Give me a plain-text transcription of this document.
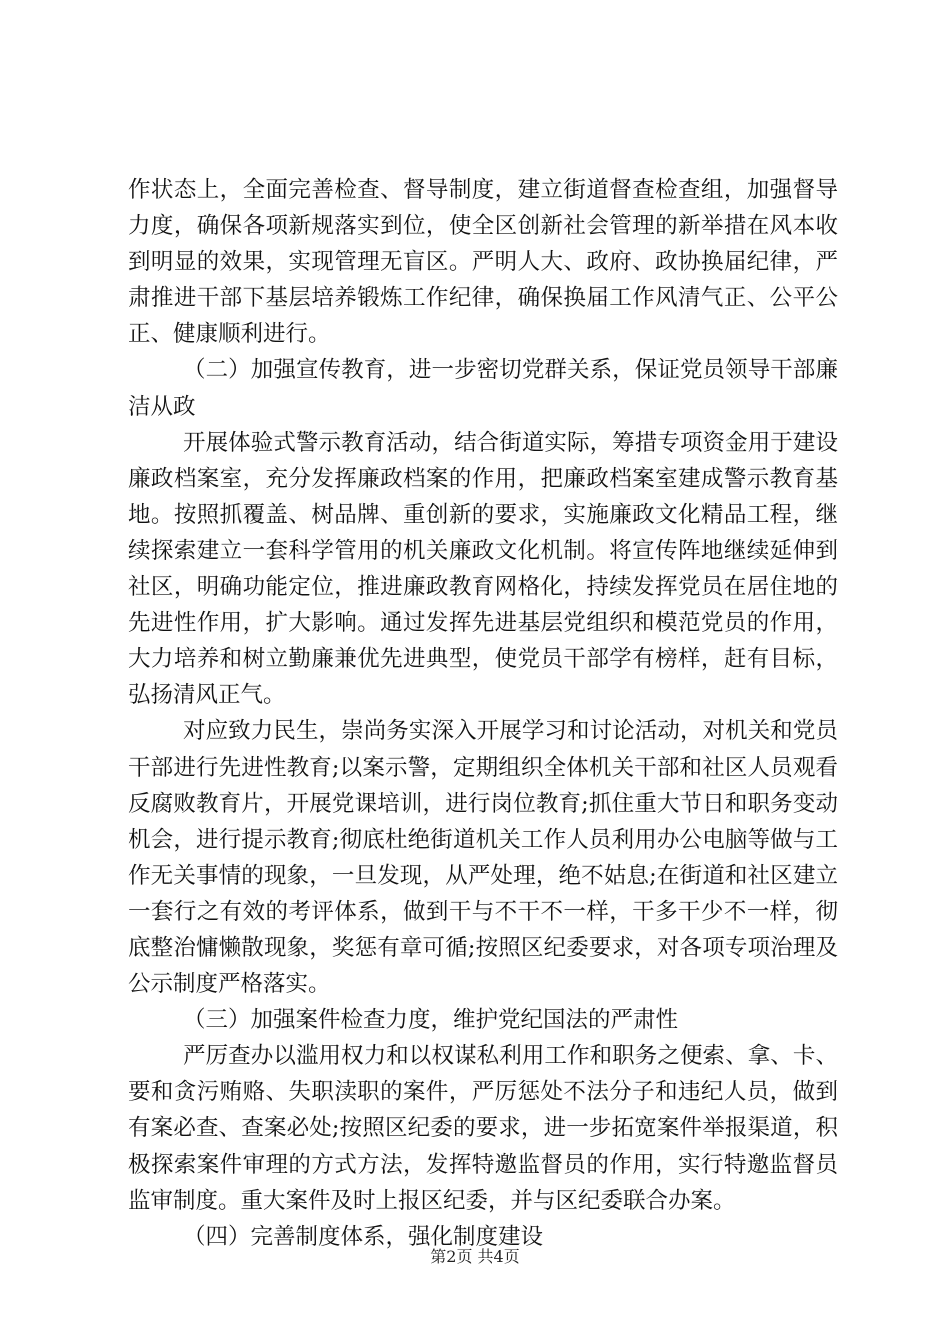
作状态上，全面完善检查、督导制度，建立街道督查检查组，加强督导力度，确保各项新规落实到位，使全区创新社会管理的新举措在风本收到明显的效果，实现管理无盲区。严明人大、政府、政协换届纪律，严肃推进干部下基层培养锻炼工作纪律，确保换届工作风清气正、公平公正、健康顺利进行。

（二）加强宣传教育，进一步密切党群关系，保证党员领导干部廉洁从政

开展体验式警示教育活动，结合街道实际，筹措专项资金用于建设廉政档案室，充分发挥廉政档案的作用，把廉政档案室建成警示教育基地。按照抓覆盖、树品牌、重创新的要求，实施廉政文化精品工程，继续探索建立一套科学管用的机关廉政文化机制。将宣传阵地继续延伸到社区，明确功能定位，推进廉政教育网格化，持续发挥党员在居住地的先进性作用，扩大影响。通过发挥先进基层党组织和模范党员的作用，大力培养和树立勤廉兼优先进典型，使党员干部学有榜样，赶有目标，弘扬清风正气。

对应致力民生，崇尚务实深入开展学习和讨论活动，对机关和党员干部进行先进性教育;以案示警，定期组织全体机关干部和社区人员观看反腐败教育片，开展党课培训，进行岗位教育;抓住重大节日和职务变动机会，进行提示教育;彻底杜绝街道机关工作人员利用办公电脑等做与工作无关事情的现象，一旦发现，从严处理，绝不姑息;在街道和社区建立一套行之有效的考评体系，做到干与不干不一样，干多干少不一样，彻底整治慵懒散现象，奖惩有章可循;按照区纪委要求，对各项专项治理及公示制度严格落实。

（三）加强案件检查力度，维护党纪国法的严肃性

严厉查办以滥用权力和以权谋私利用工作和职务之便索、拿、卡、要和贪污贿赂、失职渎职的案件，严厉惩处不法分子和违纪人员，做到有案必查、查案必处;按照区纪委的要求，进一步拓宽案件举报渠道，积极探索案件审理的方式方法，发挥特邀监督员的作用，实行特邀监督员监审制度。重大案件及时上报区纪委，并与区纪委联合办案。

（四）完善制度体系，强化制度建设

第2页 共4页
